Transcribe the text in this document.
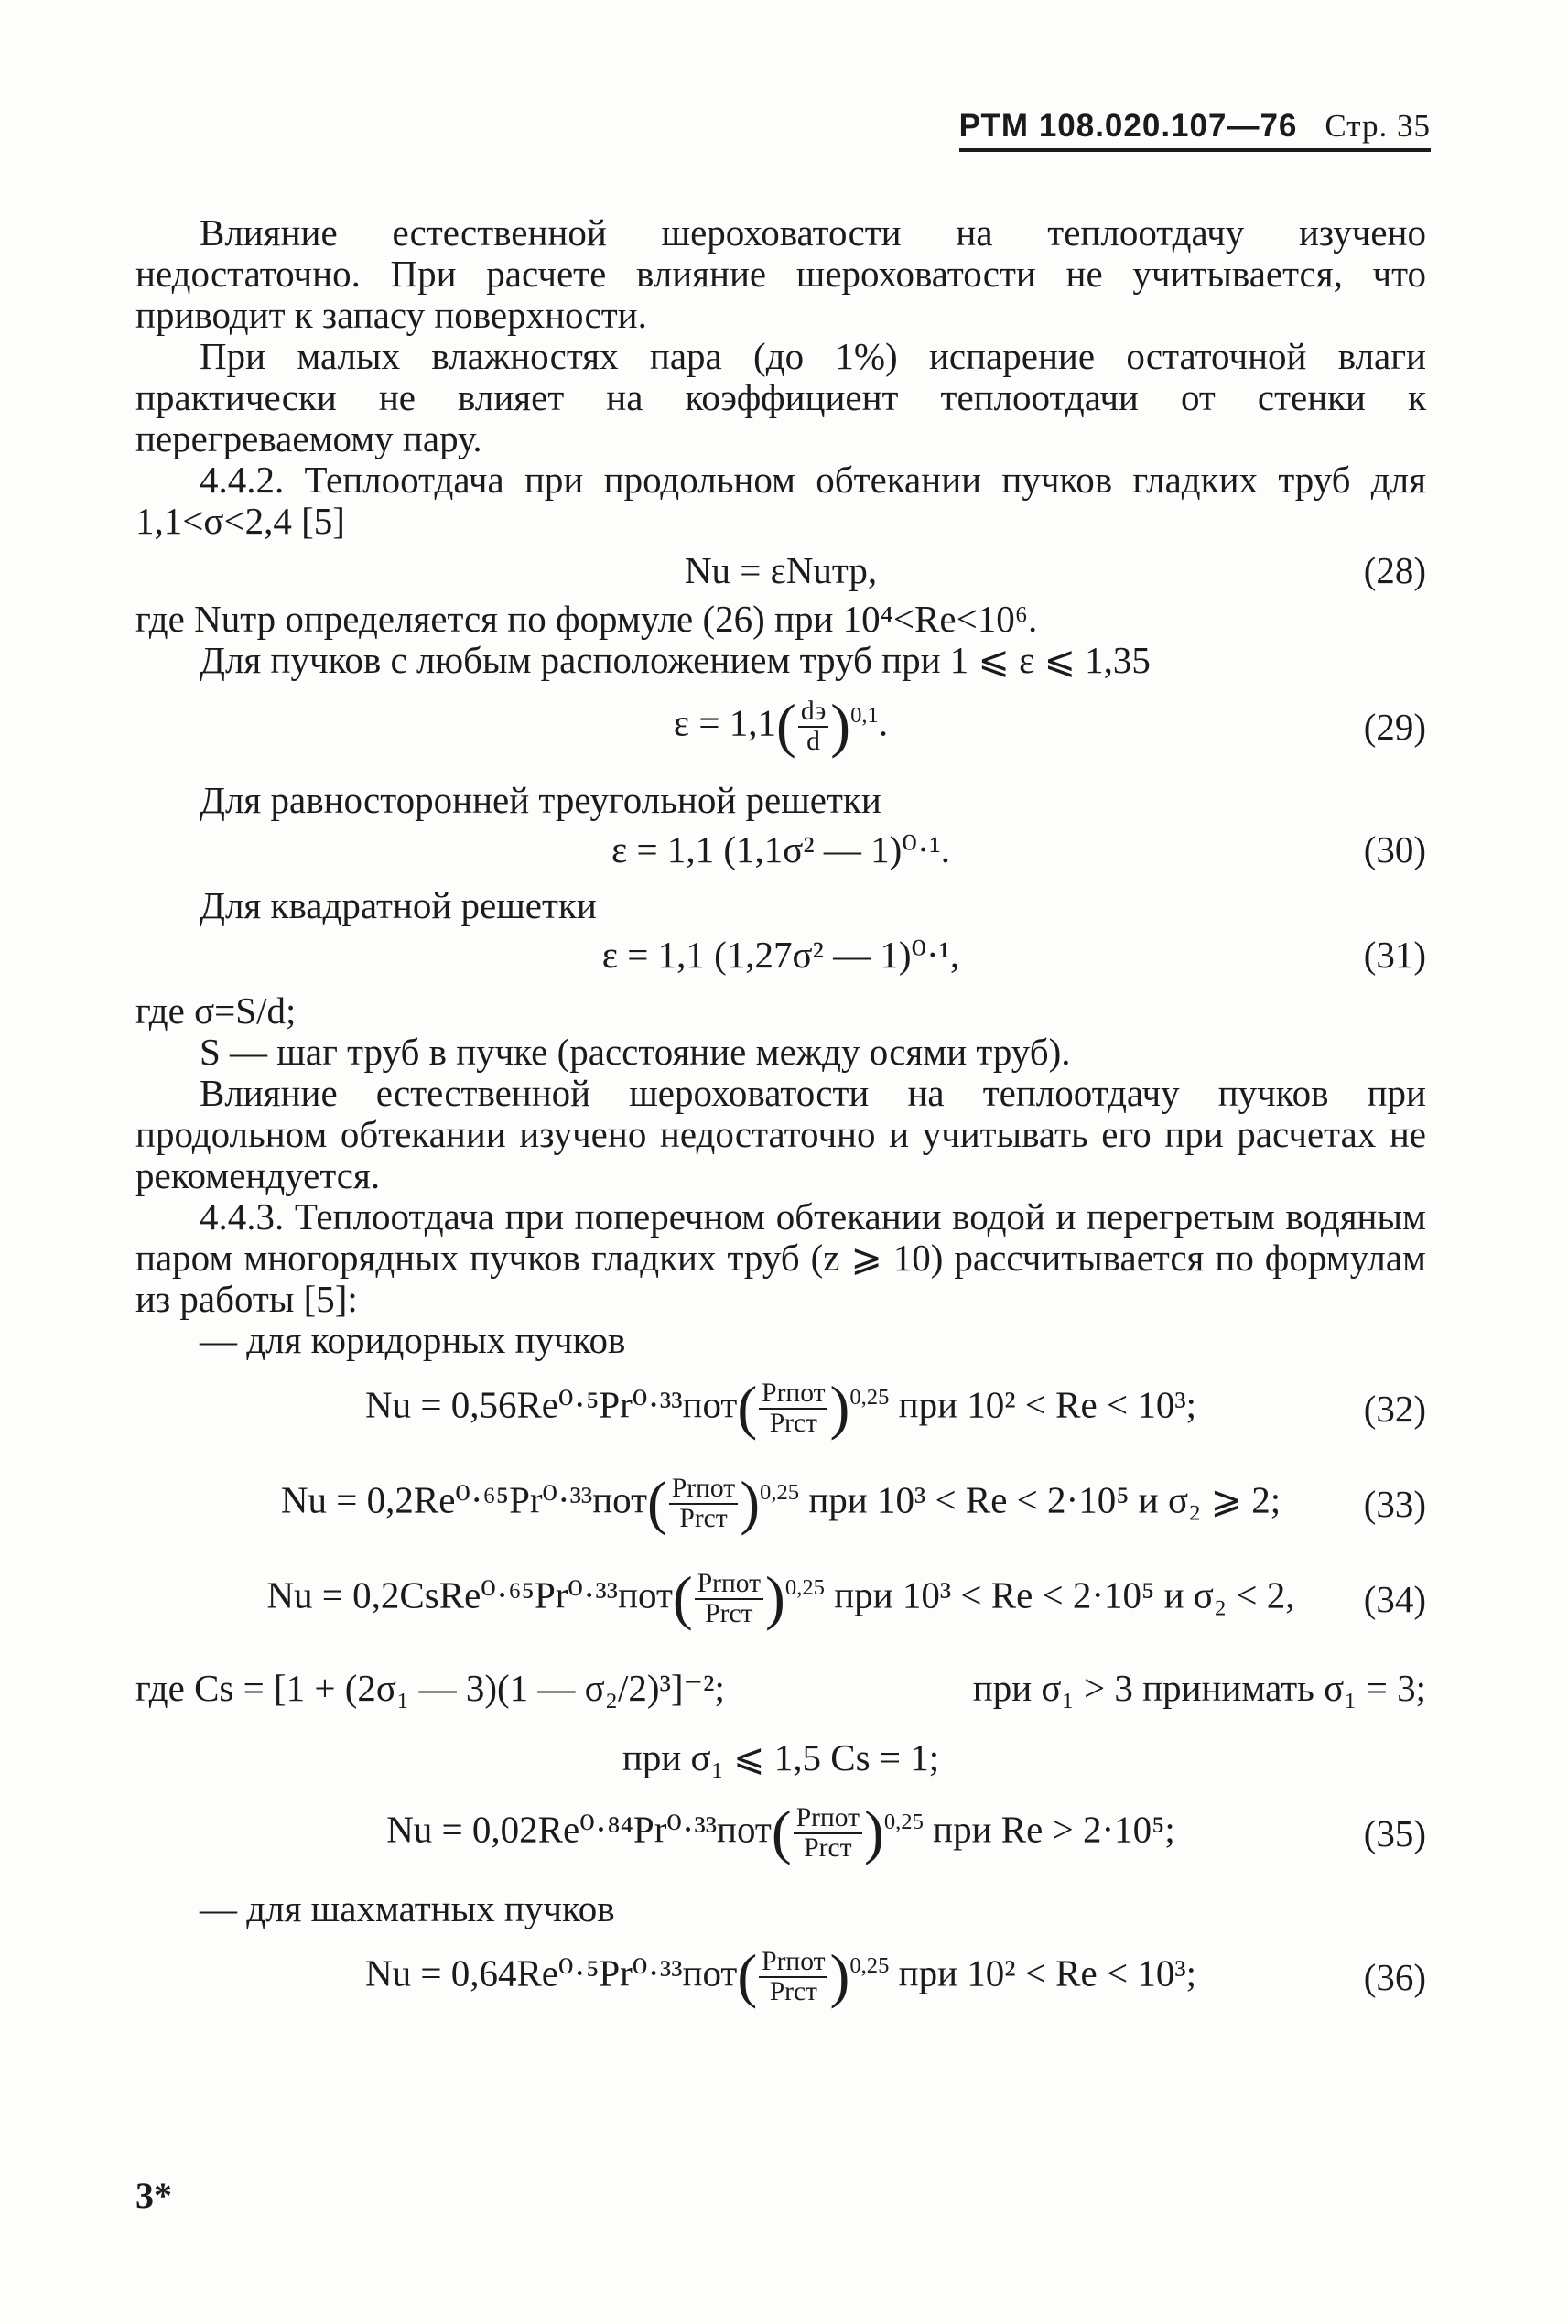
РТМ 108.020.107—76 Стр. 35

Влияние естественной шероховатости на теплоотдачу изучено недостаточно. При расчете влияние шероховатости не учитывается, что приводит к запасу поверхности.

При малых влажностях пара (до 1%) испарение остаточной влаги практически не влияет на коэффициент теплоотдачи от стенки к перегреваемому пару.

4.4.2. Теплоотдача при продольном обтекании пучков гладких труб для 1,1<σ<2,4 [5]

Nu = εNuтр,	(28)

где Nuтр определяется по формуле (26) при 10⁴<Re<10⁶.

Для пучков с любым расположением труб при 1 ⩽ ε ⩽ 1,35

$\varepsilon = 1,1( \frac{dэ}{d} )^{0,1}$.	(29)

Для равносторонней треугольной решетки

ε = 1,1 (1,1σ² — 1)⁰·¹.	(30)

Для квадратной решетки

ε = 1,1 (1,27σ² — 1)⁰·¹,	(31)

где σ=S/d;

S — шаг труб в пучке (расстояние между осями труб).

Влияние естественной шероховатости на теплоотдачу пучков при продольном обтекании изучено недостаточно и учитывать его при расчетах не рекомендуется.

4.4.3. Теплоотдача при поперечном обтекании водой и перегретым водяным паром многорядных пучков гладких труб (z ⩾ 10) рассчитывается по формулам из работы [5]:

— для коридорных пучков

$Nu = 0,56Re^0\cdot^5Pr^0\cdot^{33}пот( \frac{\text{Prпот}}{\text{Prст}} )^{0,25}$ при 10² < Re < 10³;	(32)
$Nu = 0,2Re^0\cdot^{65}Pr^0\cdot^{33}пот( \frac{\text{Prпот}}{\text{Prст}} )^{0,25}$ при 10³ < Re < 2·10⁵ и σ₂ ⩾ 2;	(33)
Nu = 0,2CsRe⁰·⁶⁵Pr⁰·³³пот( $\frac{\text{Prпот}}{\text{Prст}} )^{0,25}$ при 10³ < Re < 2·10⁵ и σ₂ < 2,	(34)
где Cs = [1 + (2σ₁ — 3)(1 — σ₂/2)³]⁻²;	при σ₁ > 3 принимать σ₁ = 3;
при σ₁ ⩽ 1,5 Cs = 1;
$Nu = 0,02Re^0\cdot^{84}Pr^0\cdot^{33}пот( \frac{\text{Prпот}}{\text{Prст}} )^{0,25}$ при Re > 2·10⁵;	(35)

— для шахматных пучков

$Nu = 0,64Re^0\cdot^5Pr^0\cdot^{33}пот( \frac{\text{Prпот}}{\text{Prст}} )^{0,25}$ при 10² < Re < 10³;	(36)
3*
